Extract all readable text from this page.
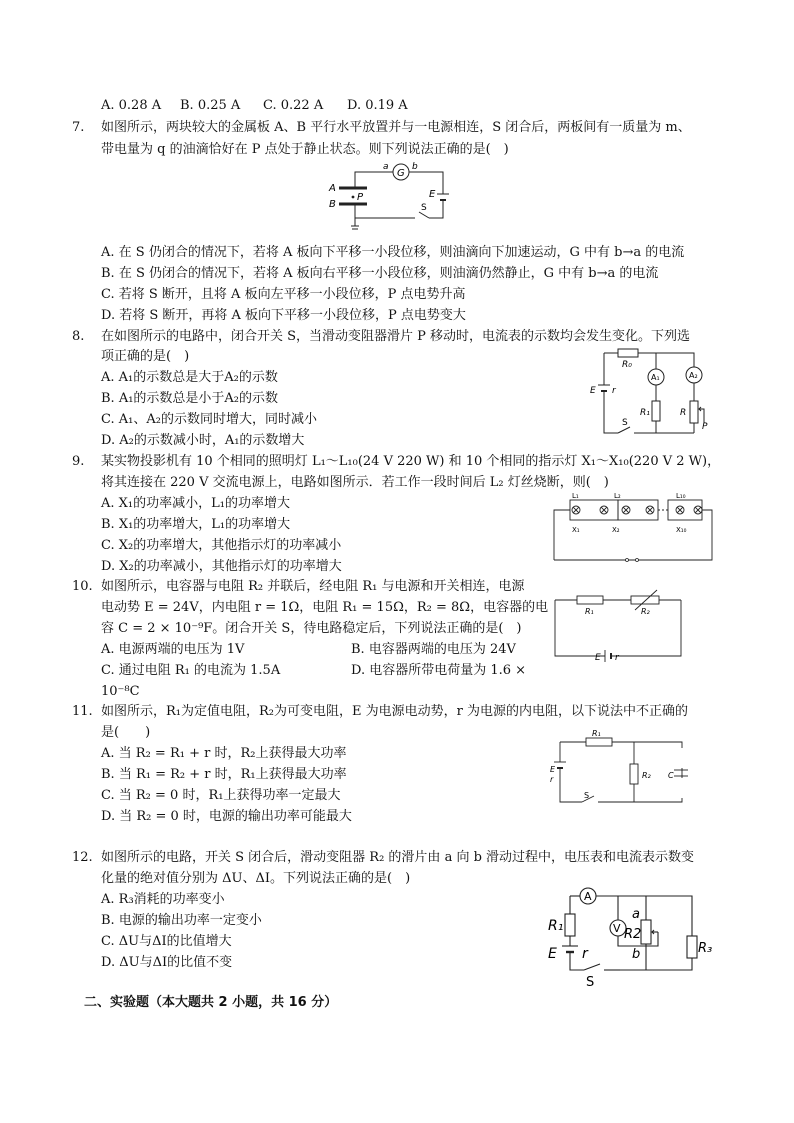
A. 0.28 A B. 0.25 A C. 0.22 A D. 0.19 A
7. 如图所示，两块较大的金属板 A、B 平行水平放置并与一电源相连，S 闭合后，两板间有一质量为 m、
带电量为 q 的油滴恰好在 P 点处于静止状态。则下列说法正确的是(　)
A
B
P
G
a	b
E
S
A. 在 S 仍闭合的情况下，若将 A 板向下平移一小段位移，则油滴向下加速运动，G 中有 b→a 的电流
B. 在 S 仍闭合的情况下，若将 A 板向右平移一小段位移，则油滴仍然静止，G 中有 b→a 的电流
C. 若将 S 断开，且将 A 板向左平移一小段位移，P 点电势升高
D. 若将 S 断开，再将 A 板向下平移一小段位移，P 点电势变大
8. 在如图所示的电路中，闭合开关 S，当滑动变阻器滑片 P 移动时，电流表的示数均会发生变化。下列选
项正确的是(　)
A. A₁的示数总是大于A₂的示数
B. A₁的示数总是小于A₂的示数
C. A₁、A₂的示数同时增大，同时减小
D. A₂的示数减小时，A₁的示数增大
R₀
A₁	A₂
E r
R₁	R
P
S
9. 某实物投影机有 10 个相同的照明灯 L₁～L₁₀(24 V 220 W) 和 10 个相同的指示灯 X₁～X₁₀(220 V 2 W)，
将其连接在 220 V 交流电源上，电路如图所示．若工作一段时间后 L₂ 灯丝烧断，则(　)
A. X₁的功率减小，L₁的功率增大
B. X₁的功率增大，L₁的功率增大
C. X₂的功率增大，其他指示灯的功率减小
D. X₂的功率减小，其他指示灯的功率增大
L₁	L₂	L₁₀
X₁	X₂	X₁₀
10. 如图所示，电容器与电阻 R₂ 并联后，经电阻 R₁ 与电源和开关相连，电源
电动势 E = 24V，内电阻 r = 1Ω，电阻 R₁ = 15Ω，R₂ = 8Ω，电容器的电
容 C = 2 × 10⁻⁹F。闭合开关 S，待电路稳定后，下列说法正确的是(　)
A. 电源两端的电压为 1V	B. 电容器两端的电压为 24V
C. 通过电阻 R₁ 的电流为 1.5A	D. 电容器所带电荷量为 1.6 ×
10⁻⁸C
R₁	R₂
E r
11. 如图所示，R₁为定值电阻，R₂为可变电阻，E 为电源电动势，r 为电源的内电阻，以下说法中不正确的
是(　　)
A. 当 R₂ = R₁ + r 时，R₂上获得最大功率
B. 当 R₁ = R₂ + r 时，R₁上获得最大功率
C. 当 R₂ = 0 时，R₁上获得功率一定最大
D. 当 R₂ = 0 时，电源的输出功率可能最大
R₁
E
r	R₂ C
S
12. 如图所示的电路，开关 S 闭合后，滑动变阻器 R₂ 的滑片由 a 向 b 滑动过程中，电压表和电流表示数变
化量的绝对值分别为 ΔU、ΔI。下列说法正确的是(　)
A. R₃消耗的功率变小
B. 电源的输出功率一定变小
C. ΔU与ΔI的比值增大
D. ΔU与ΔI的比值不变
A
R₁	V
a
R2
b	R₃
E r
S
二、实验题（本大题共 2 小题，共 16 分）
